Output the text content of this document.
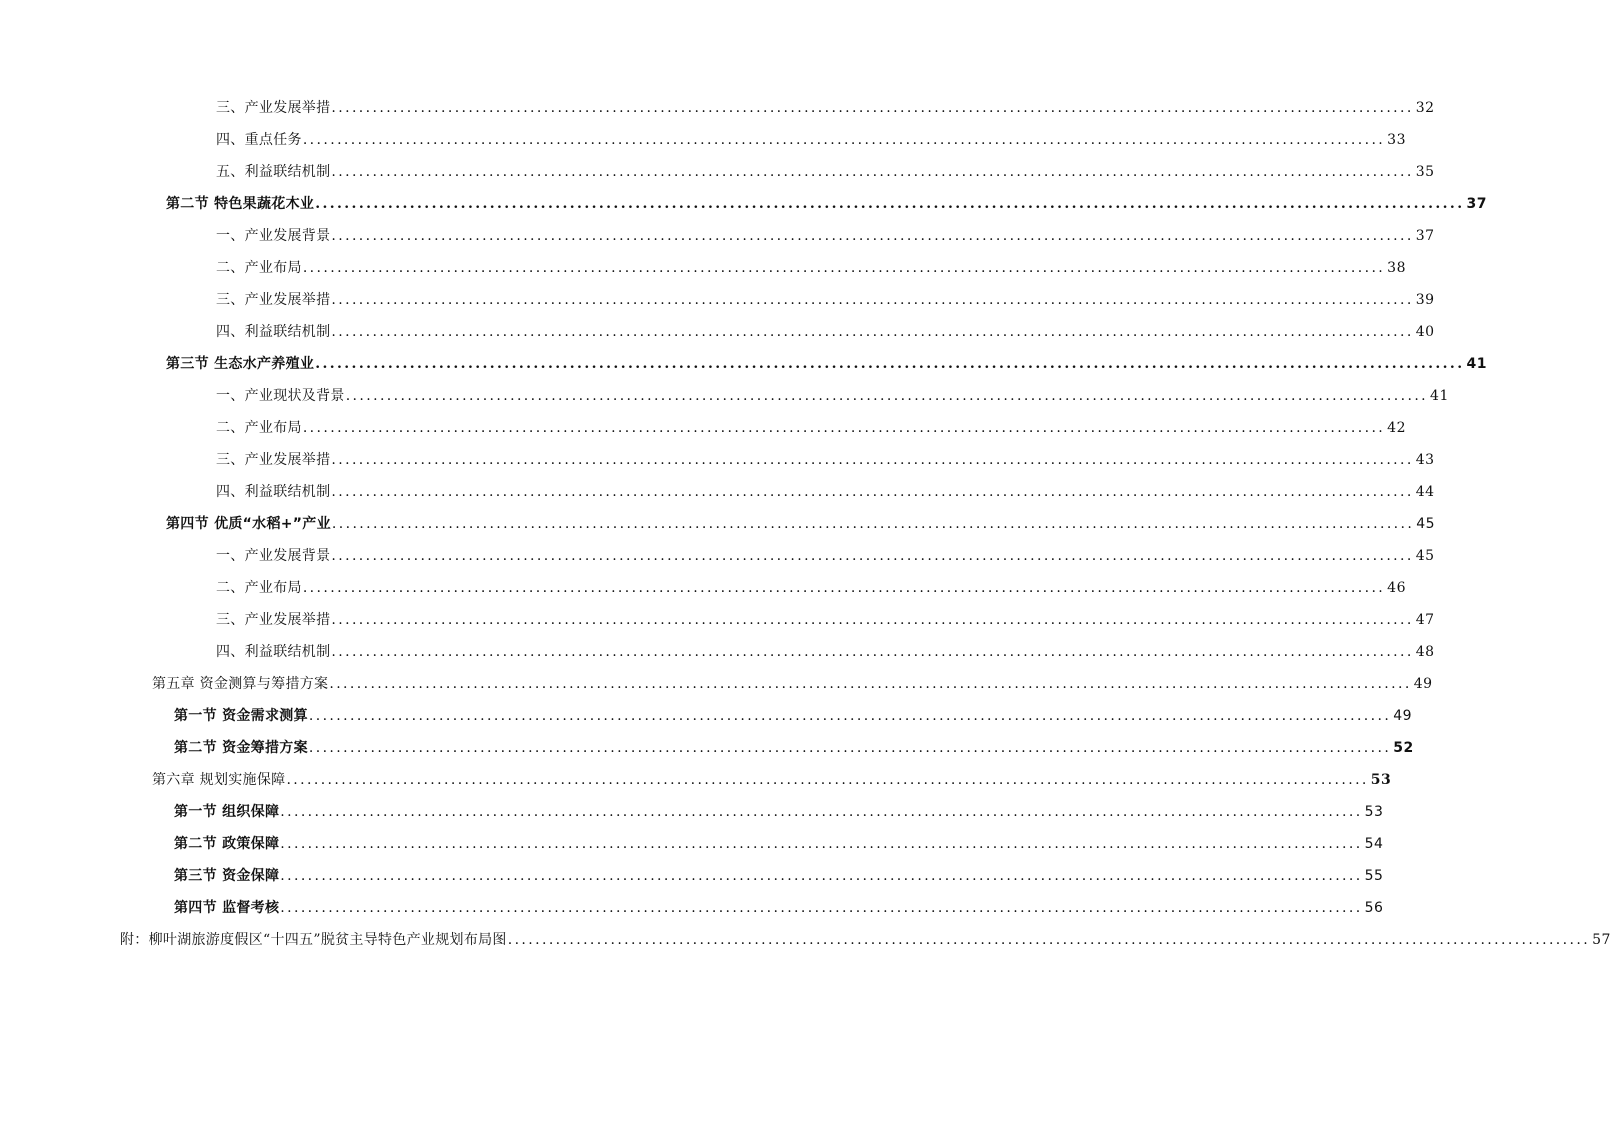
三、产业发展举措 .............................................................................................................................................................. 32
四、重点任务 .............................................................................................................................................................. 33
五、利益联结机制 .............................................................................................................................................................. 35
第二节 特色果蔬花木业 .............................................................................................................................................................. 37
一、产业发展背景 .............................................................................................................................................................. 37
二、产业布局 .............................................................................................................................................................. 38
三、产业发展举措 .............................................................................................................................................................. 39
四、利益联结机制 .............................................................................................................................................................. 40
第三节 生态水产养殖业 .............................................................................................................................................................. 41
一、产业现状及背景 .............................................................................................................................................................. 41
二、产业布局 .............................................................................................................................................................. 42
三、产业发展举措 .............................................................................................................................................................. 43
四、利益联结机制 .............................................................................................................................................................. 44
第四节 优质“水稻+”产业 .............................................................................................................................................................. 45
一、产业发展背景 .............................................................................................................................................................. 45
二、产业布局 .............................................................................................................................................................. 46
三、产业发展举措 .............................................................................................................................................................. 47
四、利益联结机制 .............................................................................................................................................................. 48
第五章 资金测算与筹措方案 .............................................................................................................................................................. 49
第一节 资金需求测算 .............................................................................................................................................................. 49
第二节 资金筹措方案 .............................................................................................................................................................. 52
第六章 规划实施保障 .............................................................................................................................................................. 53
第一节 组织保障 .............................................................................................................................................................. 53
第二节 政策保障 .............................................................................................................................................................. 54
第三节 资金保障 .............................................................................................................................................................. 55
第四节 监督考核 .............................................................................................................................................................. 56
附：柳叶湖旅游度假区“十四五”脱贫主导特色产业规划布局图 .............................................................................................................................................................. 57
